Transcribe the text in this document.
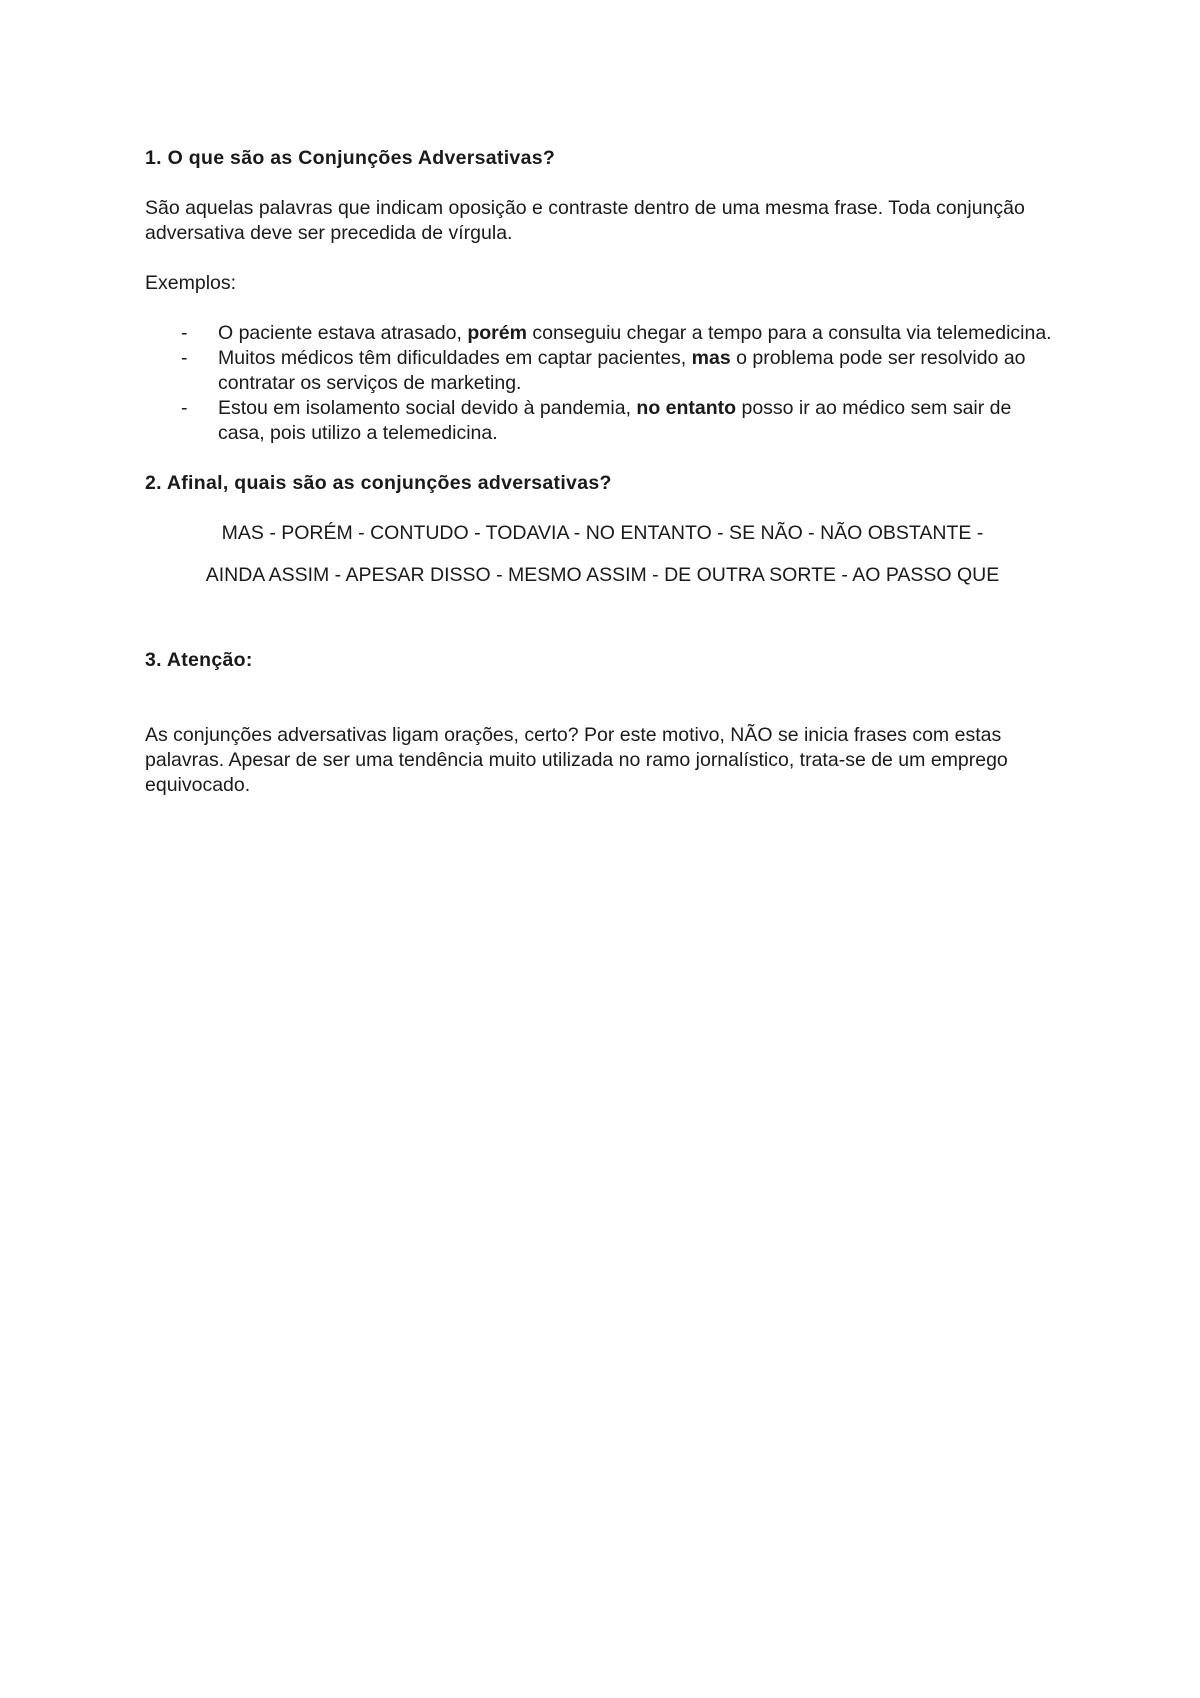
1. O que são as Conjunções Adversativas?

São aquelas palavras que indicam oposição e contraste dentro de uma mesma frase. Toda conjunção adversativa deve ser precedida de vírgula.

Exemplos:

- O paciente estava atrasado, porém conseguiu chegar a tempo para a consulta via telemedicina.
- Muitos médicos têm dificuldades em captar pacientes, mas o problema pode ser resolvido ao contratar os serviços de marketing.
- Estou em isolamento social devido à pandemia, no entanto posso ir ao médico sem sair de casa, pois utilizo a telemedicina.
2. Afinal, quais são as conjunções adversativas?

MAS - PORÉM - CONTUDO - TODAVIA - NO ENTANTO - SE NÃO - NÃO OBSTANTE -

AINDA ASSIM - APESAR DISSO - MESMO ASSIM - DE OUTRA SORTE - AO PASSO QUE

3. Atenção:

As conjunções adversativas ligam orações, certo? Por este motivo, NÃO se inicia frases com estas palavras. Apesar de ser uma tendência muito utilizada no ramo jornalístico, trata-se de um emprego equivocado.
